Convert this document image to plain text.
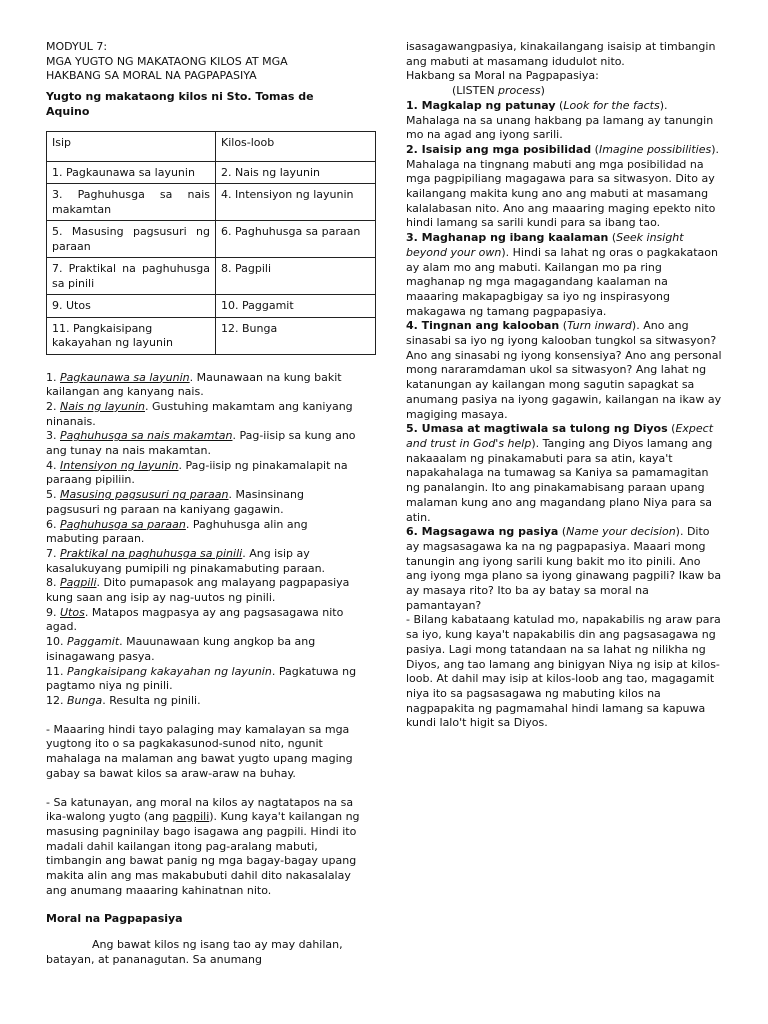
MODYUL 7:
MGA YUGTO NG MAKATAONG KILOS AT MGA
HAKBANG SA MORAL NA PAGPAPASIYA
Yugto ng makataong kilos ni Sto. Tomas de Aquino
Isip	Kilos-loob
1. Pagkaunawa sa layunin	2. Nais ng layunin
3. Paghuhusga sa nais makamtan	4. Intensiyon ng layunin
5. Masusing pagsusuri ng paraan	6. Paghuhusga sa paraan
7. Praktikal na paghuhusga sa pinili	8. Pagpili
9. Utos	10. Paggamit
11. Pangkaisipang kakayahan ng layunin	12. Bunga

1. Pagkaunawa sa layunin. Maunawaan na kung bakit kailangan ang kanyang nais.

2. Nais ng layunin. Gustuhing makamtam ang kaniyang ninanais.

3. Paghuhusga sa nais makamtan. Pag-iisip sa kung ano ang tunay na nais makamtan.

4. Intensiyon ng layunin. Pag-iisip ng pinakamalapit na paraang pipiliin.

5. Masusing pagsusuri ng paraan. Masinsinang pagsusuri ng paraan na kaniyang gagawin.

6. Paghuhusga sa paraan. Paghuhusga alin ang mabuting paraan.

7. Praktikal na paghuhusga sa pinili. Ang isip ay kasalukuyang pumipili ng pinakamabuting paraan.

8. Pagpili. Dito pumapasok ang malayang pagpapasiya kung saan ang isip ay nag-uutos ng pinili.

9. Utos. Matapos magpasya ay ang pagsasagawa nito agad.

10. Paggamit. Mauunawaan kung angkop ba ang isinagawang pasya.

11. Pangkaisipang kakayahan ng layunin. Pagkatuwa ng pagtamo niya ng pinili.

12. Bunga. Resulta ng pinili.

- Maaaring hindi tayo palaging may kamalayan sa mga yugtong ito o sa pagkakasunod-sunod nito, ngunit mahalaga na malaman ang bawat yugto upang maging gabay sa bawat kilos sa araw-araw na buhay.

- Sa katunayan, ang moral na kilos ay nagtatapos na sa ika-walong yugto (ang pagpili). Kung kaya't kailangan ng masusing pagninilay bago isagawa ang pagpili. Hindi ito madali dahil kailangan itong pag-aralang mabuti, timbangin ang bawat panig ng mga bagay-bagay upang makita alin ang mas makabubuti dahil dito nakasalalay ang anumang maaaring kahinatnan nito.

Moral na Pagpapasiya

Ang bawat kilos ng isang tao ay may dahilan, batayan, at pananagutan. Sa anumang

isasagawangpasiya, kinakailangang isaisip at timbangin ang mabuti at masamang idudulot nito.

Hakbang sa Moral na Pagpapasiya:

(LISTEN process)

1. Magkalap ng patunay (Look for the facts). Mahalaga na sa unang hakbang pa lamang ay tanungin mo na agad ang iyong sarili.

2. Isaisip ang mga posibilidad (Imagine possibilities). Mahalaga na tingnang mabuti ang mga posibilidad na mga pagpipiliang magagawa para sa sitwasyon. Dito ay kailangang makita kung ano ang mabuti at masamang kalalabasan nito. Ano ang maaaring maging epekto nito hindi lamang sa sarili kundi para sa ibang tao.

3. Maghanap ng ibang kaalaman (Seek insight beyond your own). Hindi sa lahat ng oras o pagkakataon ay alam mo ang mabuti. Kailangan mo pa ring maghanap ng mga magagandang kaalaman na maaaring makapagbigay sa iyo ng inspirasyong makagawa ng tamang pagpapasiya.

4. Tingnan ang kalooban (Turn inward). Ano ang sinasabi sa iyo ng iyong kalooban tungkol sa sitwasyon? Ano ang sinasabi ng iyong konsensiya? Ano ang personal mong nararamdaman ukol sa sitwasyon? Ang lahat ng katanungan ay kailangan mong sagutin sapagkat sa anumang pasiya na iyong gagawin, kailangan na ikaw ay magiging masaya.

5. Umasa at magtiwala sa tulong ng Diyos (Expect and trust in God's help). Tanging ang Diyos lamang ang nakaaalam ng pinakamabuti para sa atin, kaya't napakahalaga na tumawag sa Kaniya sa pamamagitan ng panalangin. Ito ang pinakamabisang paraan upang malaman kung ano ang magandang plano Niya para sa atin.

6. Magsagawa ng pasiya (Name your decision). Dito ay magsasagawa ka na ng pagpapasiya. Maaari mong tanungin ang iyong sarili kung bakit mo ito pinili. Ano ang iyong mga plano sa iyong ginawang pagpili? Ikaw ba ay masaya rito? Ito ba ay batay sa moral na pamantayan?

- Bilang kabataang katulad mo, napakabilis ng araw para sa iyo, kung kaya't napakabilis din ang pagsasagawa ng pasiya. Lagi mong tatandaan na sa lahat ng nilikha ng Diyos, ang tao lamang ang binigyan Niya ng isip at kilos-loob. At dahil may isip at kilos-loob ang tao, magagamit niya ito sa pagsasagawa ng mabuting kilos na nagpapakita ng pagmamahal hindi lamang sa kapuwa kundi lalo't higit sa Diyos.
